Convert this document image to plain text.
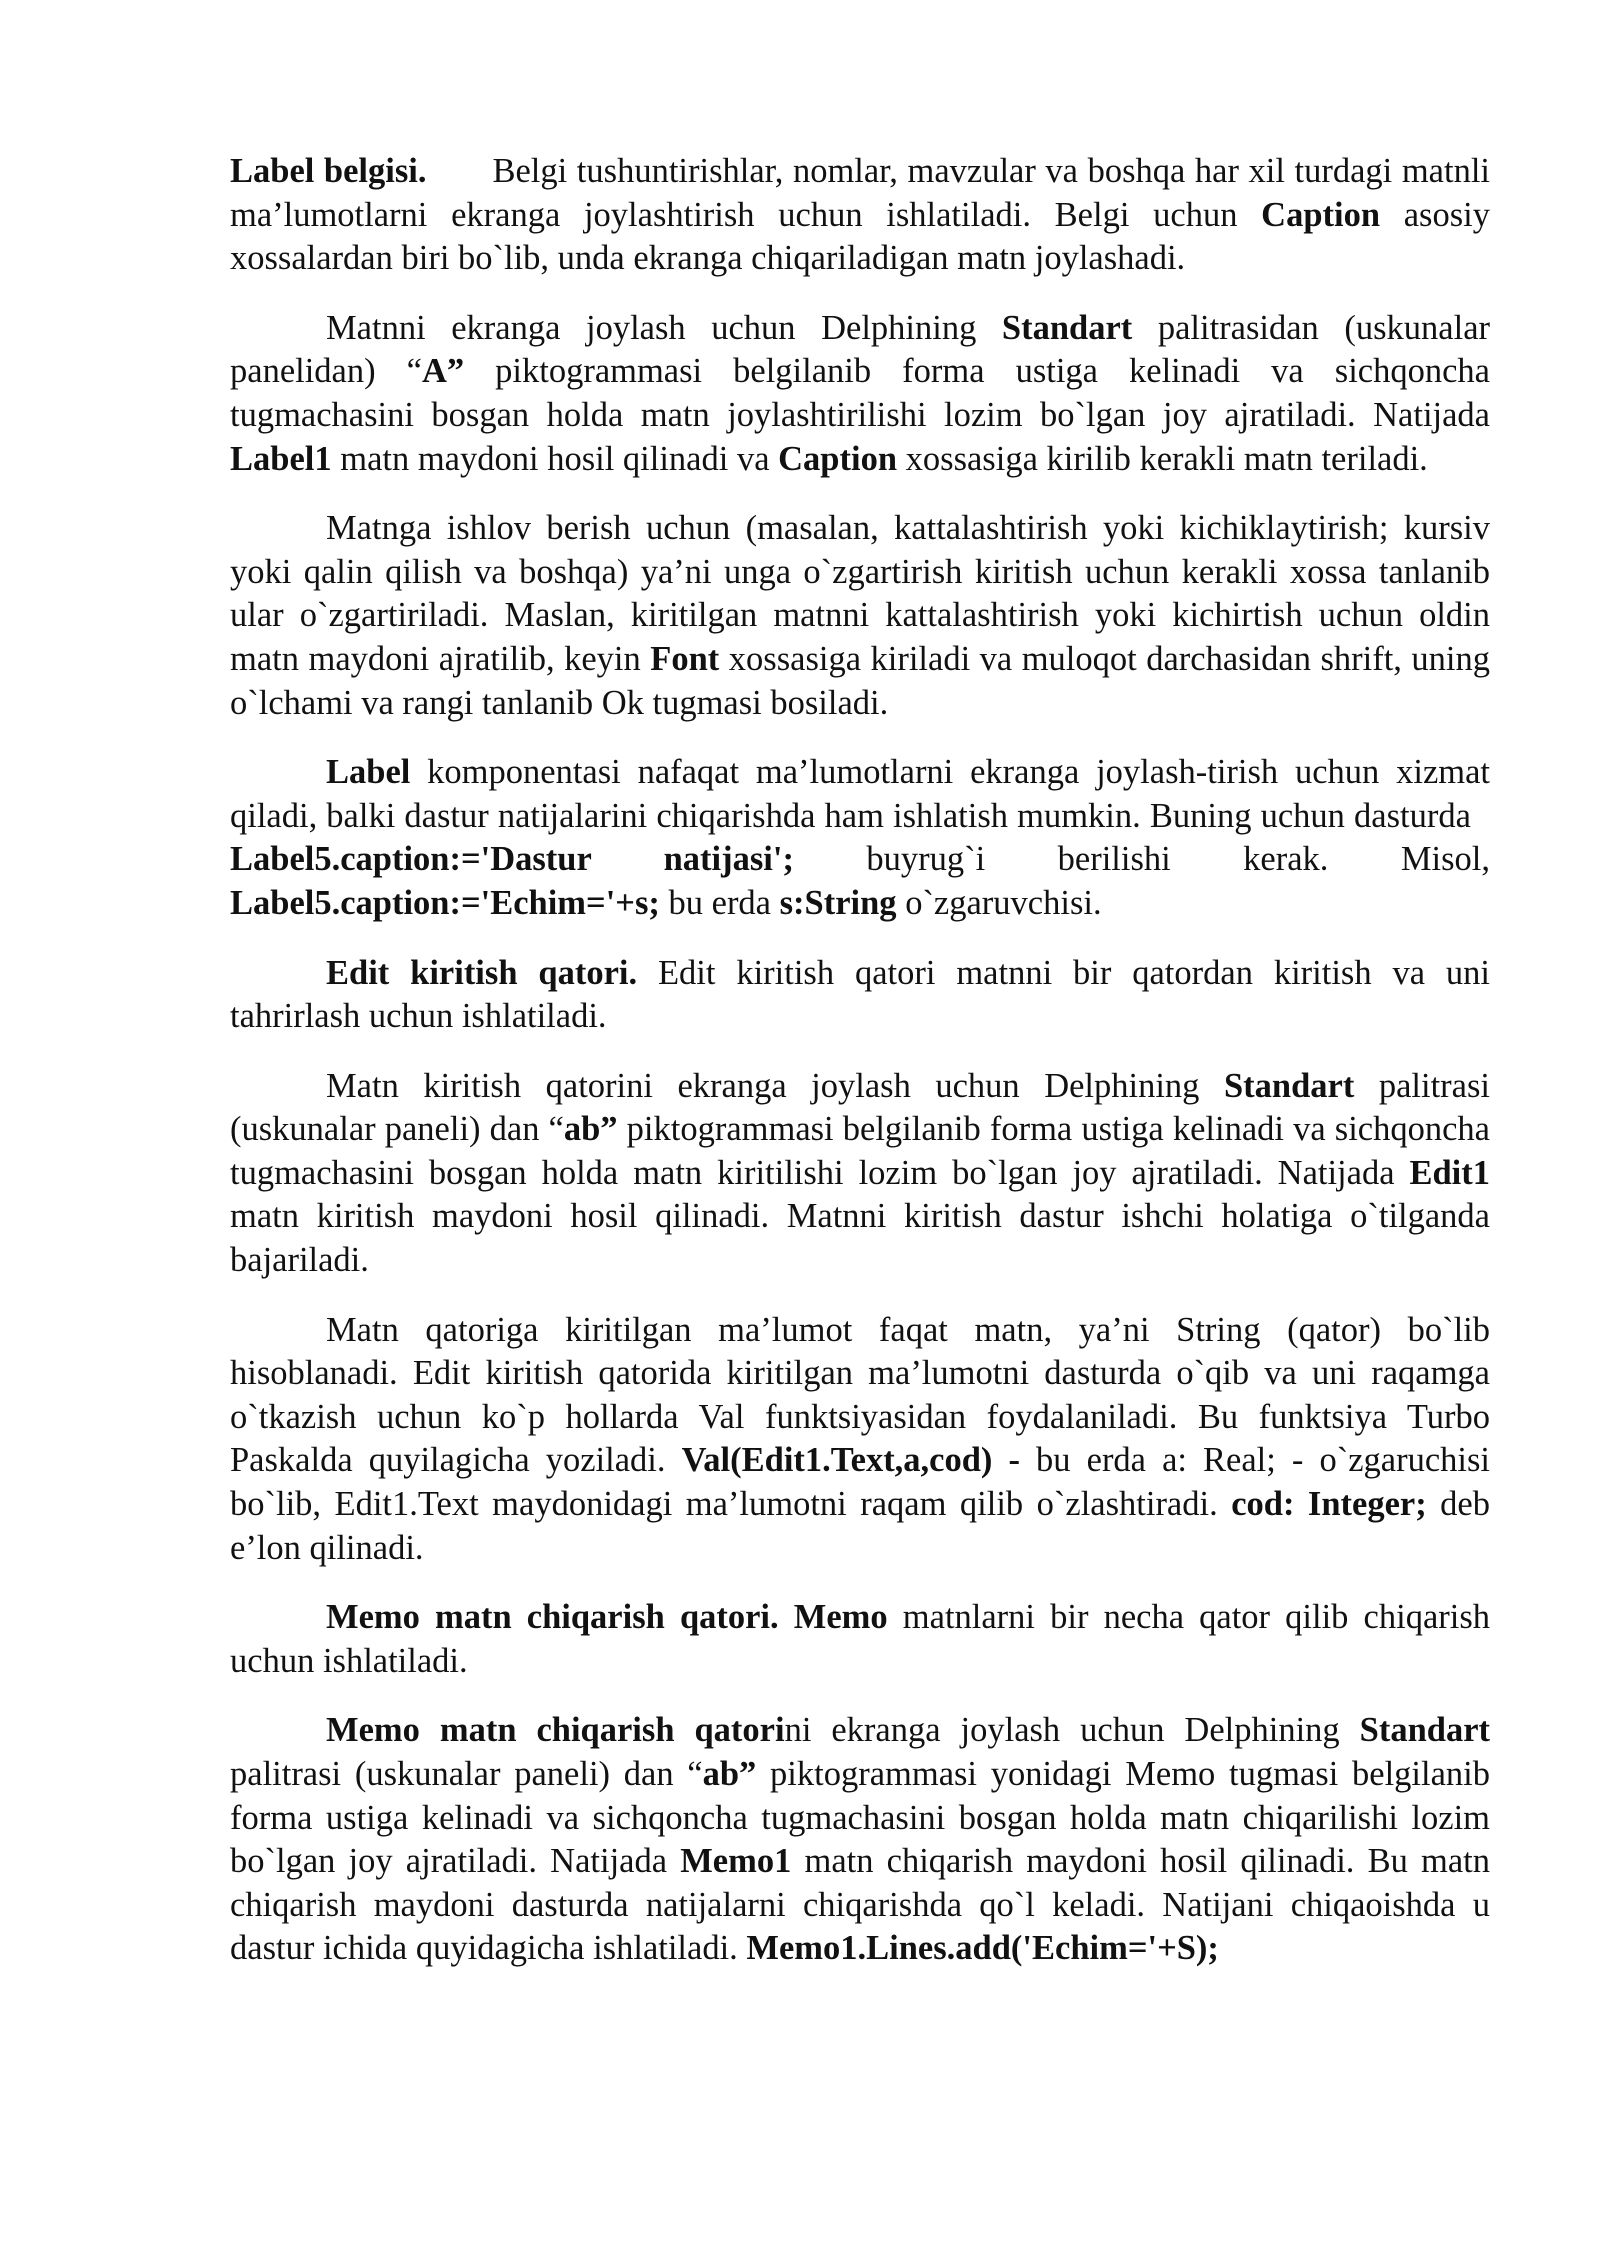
Label belgisi. Belgi tushuntirishlar, nomlar, mavzular va boshqa har xil turdagi matnli ma’lumotlarni ekranga joylashtirish uchun ishlatiladi. Belgi uchun Caption asosiy xossalardan biri bo`lib, unda ekranga chiqariladigan matn joylashadi.

Matnni ekranga joylash uchun Delphining Standart palitrasidan (uskunalar panelidan) “A” piktogrammasi belgilanib forma ustiga kelinadi va sichqoncha tugmachasini bosgan holda matn joylashtirilishi lozim bo`lgan joy ajratiladi. Natijada Label1 matn maydoni hosil qilinadi va Caption xossasiga kirilib kerakli matn teriladi.

Matnga ishlov berish uchun (masalan, kattalashtirish yoki kichiklaytirish; kursiv yoki qalin qilish va boshqa) ya’ni unga o`zgartirish kiritish uchun kerakli xossa tanlanib ular o`zgartiriladi. Maslan, kiritilgan matnni kattalashtirish yoki kichirtish uchun oldin matn maydoni ajratilib, keyin Font xossasiga kiriladi va muloqot darchasidan shrift, uning o`lchami va rangi tanlanib Ok tugmasi bosiladi.

Label komponentasi nafaqat ma’lumotlarni ekranga joylash-tirish uchun xizmat qiladi, balki dastur natijalarini chiqarishda ham ishlatish mumkin. Buning uchun dasturda Label5.caption:='Dastur natijasi'; buyrug`i berilishi kerak. Misol, Label5.caption:='Echim='+s; bu erda s:String o`zgaruvchisi.

Edit kiritish qatori. Edit kiritish qatori matnni bir qatordan kiritish va uni tahrirlash uchun ishlatiladi.

Matn kiritish qatorini ekranga joylash uchun Delphining Standart palitrasi (uskunalar paneli) dan “ab” piktogrammasi belgilanib forma ustiga kelinadi va sichqoncha tugmachasini bosgan holda matn kiritilishi lozim bo`lgan joy ajratiladi. Natijada Edit1 matn kiritish maydoni hosil qilinadi. Matnni kiritish dastur ishchi holatiga o`tilganda bajariladi.

Matn qatoriga kiritilgan ma’lumot faqat matn, ya’ni String (qator) bo`lib hisoblanadi. Edit kiritish qatorida kiritilgan ma’lumotni dasturda o`qib va uni raqamga o`tkazish uchun ko`p hollarda Val funktsiyasidan foydalaniladi. Bu funktsiya Turbo Paskalda quyilagicha yoziladi. Val(Edit1.Text,a,cod) - bu erda a: Real; - o`zgaruchisi bo`lib, Edit1.Text maydonidagi ma’lumotni raqam qilib o`zlashtiradi. cod: Integer; deb e’lon qilinadi.

Memo matn chiqarish qatori. Memo matnlarni bir necha qator qilib chiqarish uchun ishlatiladi.

Memo matn chiqarish qatorini ekranga joylash uchun Delphining Standart palitrasi (uskunalar paneli) dan “ab” piktogrammasi yonidagi Memo tugmasi belgilanib forma ustiga kelinadi va sichqoncha tugmachasini bosgan holda matn chiqarilishi lozim bo`lgan joy ajratiladi. Natijada Memo1 matn chiqarish maydoni hosil qilinadi. Bu matn chiqarish maydoni dasturda natijalarni chiqarishda qo`l keladi. Natijani chiqaoishda u dastur ichida quyidagicha ishlatiladi. Memo1.Lines.add('Echim='+S);
